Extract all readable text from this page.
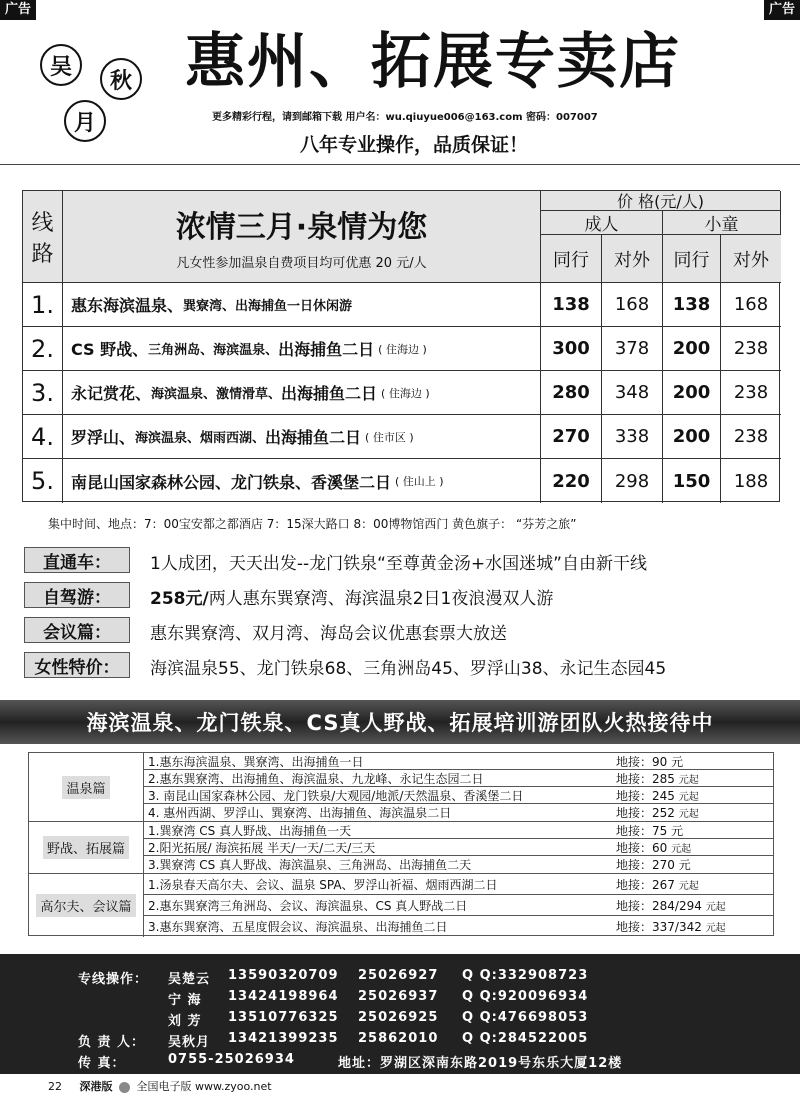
广告	广告
吴
秋
月
惠州、拓展专卖店
更多精彩行程，请到邮箱下载 用户名：wu.qiuyue006@163.com 密码：007007
八年专业操作，品质保证！
线
路
浓情三月·泉情为您
凡女性参加温泉自费项目均可优惠 20 元/人
价 格(元/人)
成人	小童
同行	对外	同行	对外
1.	惠东海滨温泉、 巽寮湾、出海捕鱼一日休闲游	138	168	138	168
2.	CS 野战、 三角洲岛、海滨温泉、 出海捕鱼二日 ( 住海边 )	300	378	200	238
3.	永记赏花、 海滨温泉、激情滑草、 出海捕鱼二日 ( 住海边 )	280	348	200	238
4.	罗浮山、 海滨温泉、烟雨西湖、 出海捕鱼二日 ( 住市区 )	270	338	200	238
5.	南昆山国家森林公园、龙门铁泉、香溪堡二日 ( 住山上 )	220	298	150	188
集中时间、地点：7：00宝安都之都酒店 7：15深大路口 8：00博物馆西门 黄色旗子： “芬芳之旅”
直通车：	1人成团，天天出发--龙门铁泉“至尊黄金汤+水国迷城”自由新干线
自驾游：	258元/两人惠东巽寮湾、海滨温泉2日1夜浪漫双人游
会议篇：	惠东巽寮湾、双月湾、海岛会议优惠套票大放送
女性特价：	海滨温泉55、龙门铁泉68、三角洲岛45、罗浮山38、永记生态园45
海滨温泉、龙门铁泉、CS真人野战、拓展培训游团队火热接待中
温泉篇
野战、拓展篇
高尔夫、会议篇
1.惠东海滨温泉、巽寮湾、出海捕鱼一日	地接：90 元
2.惠东巽寮湾、出海捕鱼、海滨温泉、九龙峰、永记生态园二日	地接：285 元起
3. 南昆山国家森林公园、龙门铁泉/大观园/地派/天然温泉、香溪堡二日	地接：245 元起
4. 惠州西湖、罗浮山、巽寮湾、出海捕鱼、海滨温泉二日	地接：252 元起
1.巽寮湾 CS 真人野战、出海捕鱼一天	地接：75 元
2.阳光拓展/ 海滨拓展 半天/一天/二天/三天	地接：60 元起
3.巽寮湾 CS 真人野战、海滨温泉、三角洲岛、出海捕鱼二天	地接：270 元
1.汤泉春天高尔夫、会议、温泉 SPA、罗浮山祈福、烟雨西湖二日	地接：267 元起
2.惠东巽寮湾三角洲岛、会议、海滨温泉、CS 真人野战二日	地接：284/294 元起
3.惠东巽寮湾、五星度假会议、海滨温泉、出海捕鱼二日	地接：337/342 元起
专线操作： 吴楚云 13590320709 25026927 Q Q:332908723
宁 海 13424198964 25026937 Q Q:920096934
刘 芳 13510776325 25026925 Q Q:476698053
负 责 人： 吴秋月 13421399235 25862010 Q Q:284522005
传 真：	0755-25026934	地址：罗湖区深南东路2019号东乐大厦12楼
22 深港版 全国电子版 www.zyoo.net
